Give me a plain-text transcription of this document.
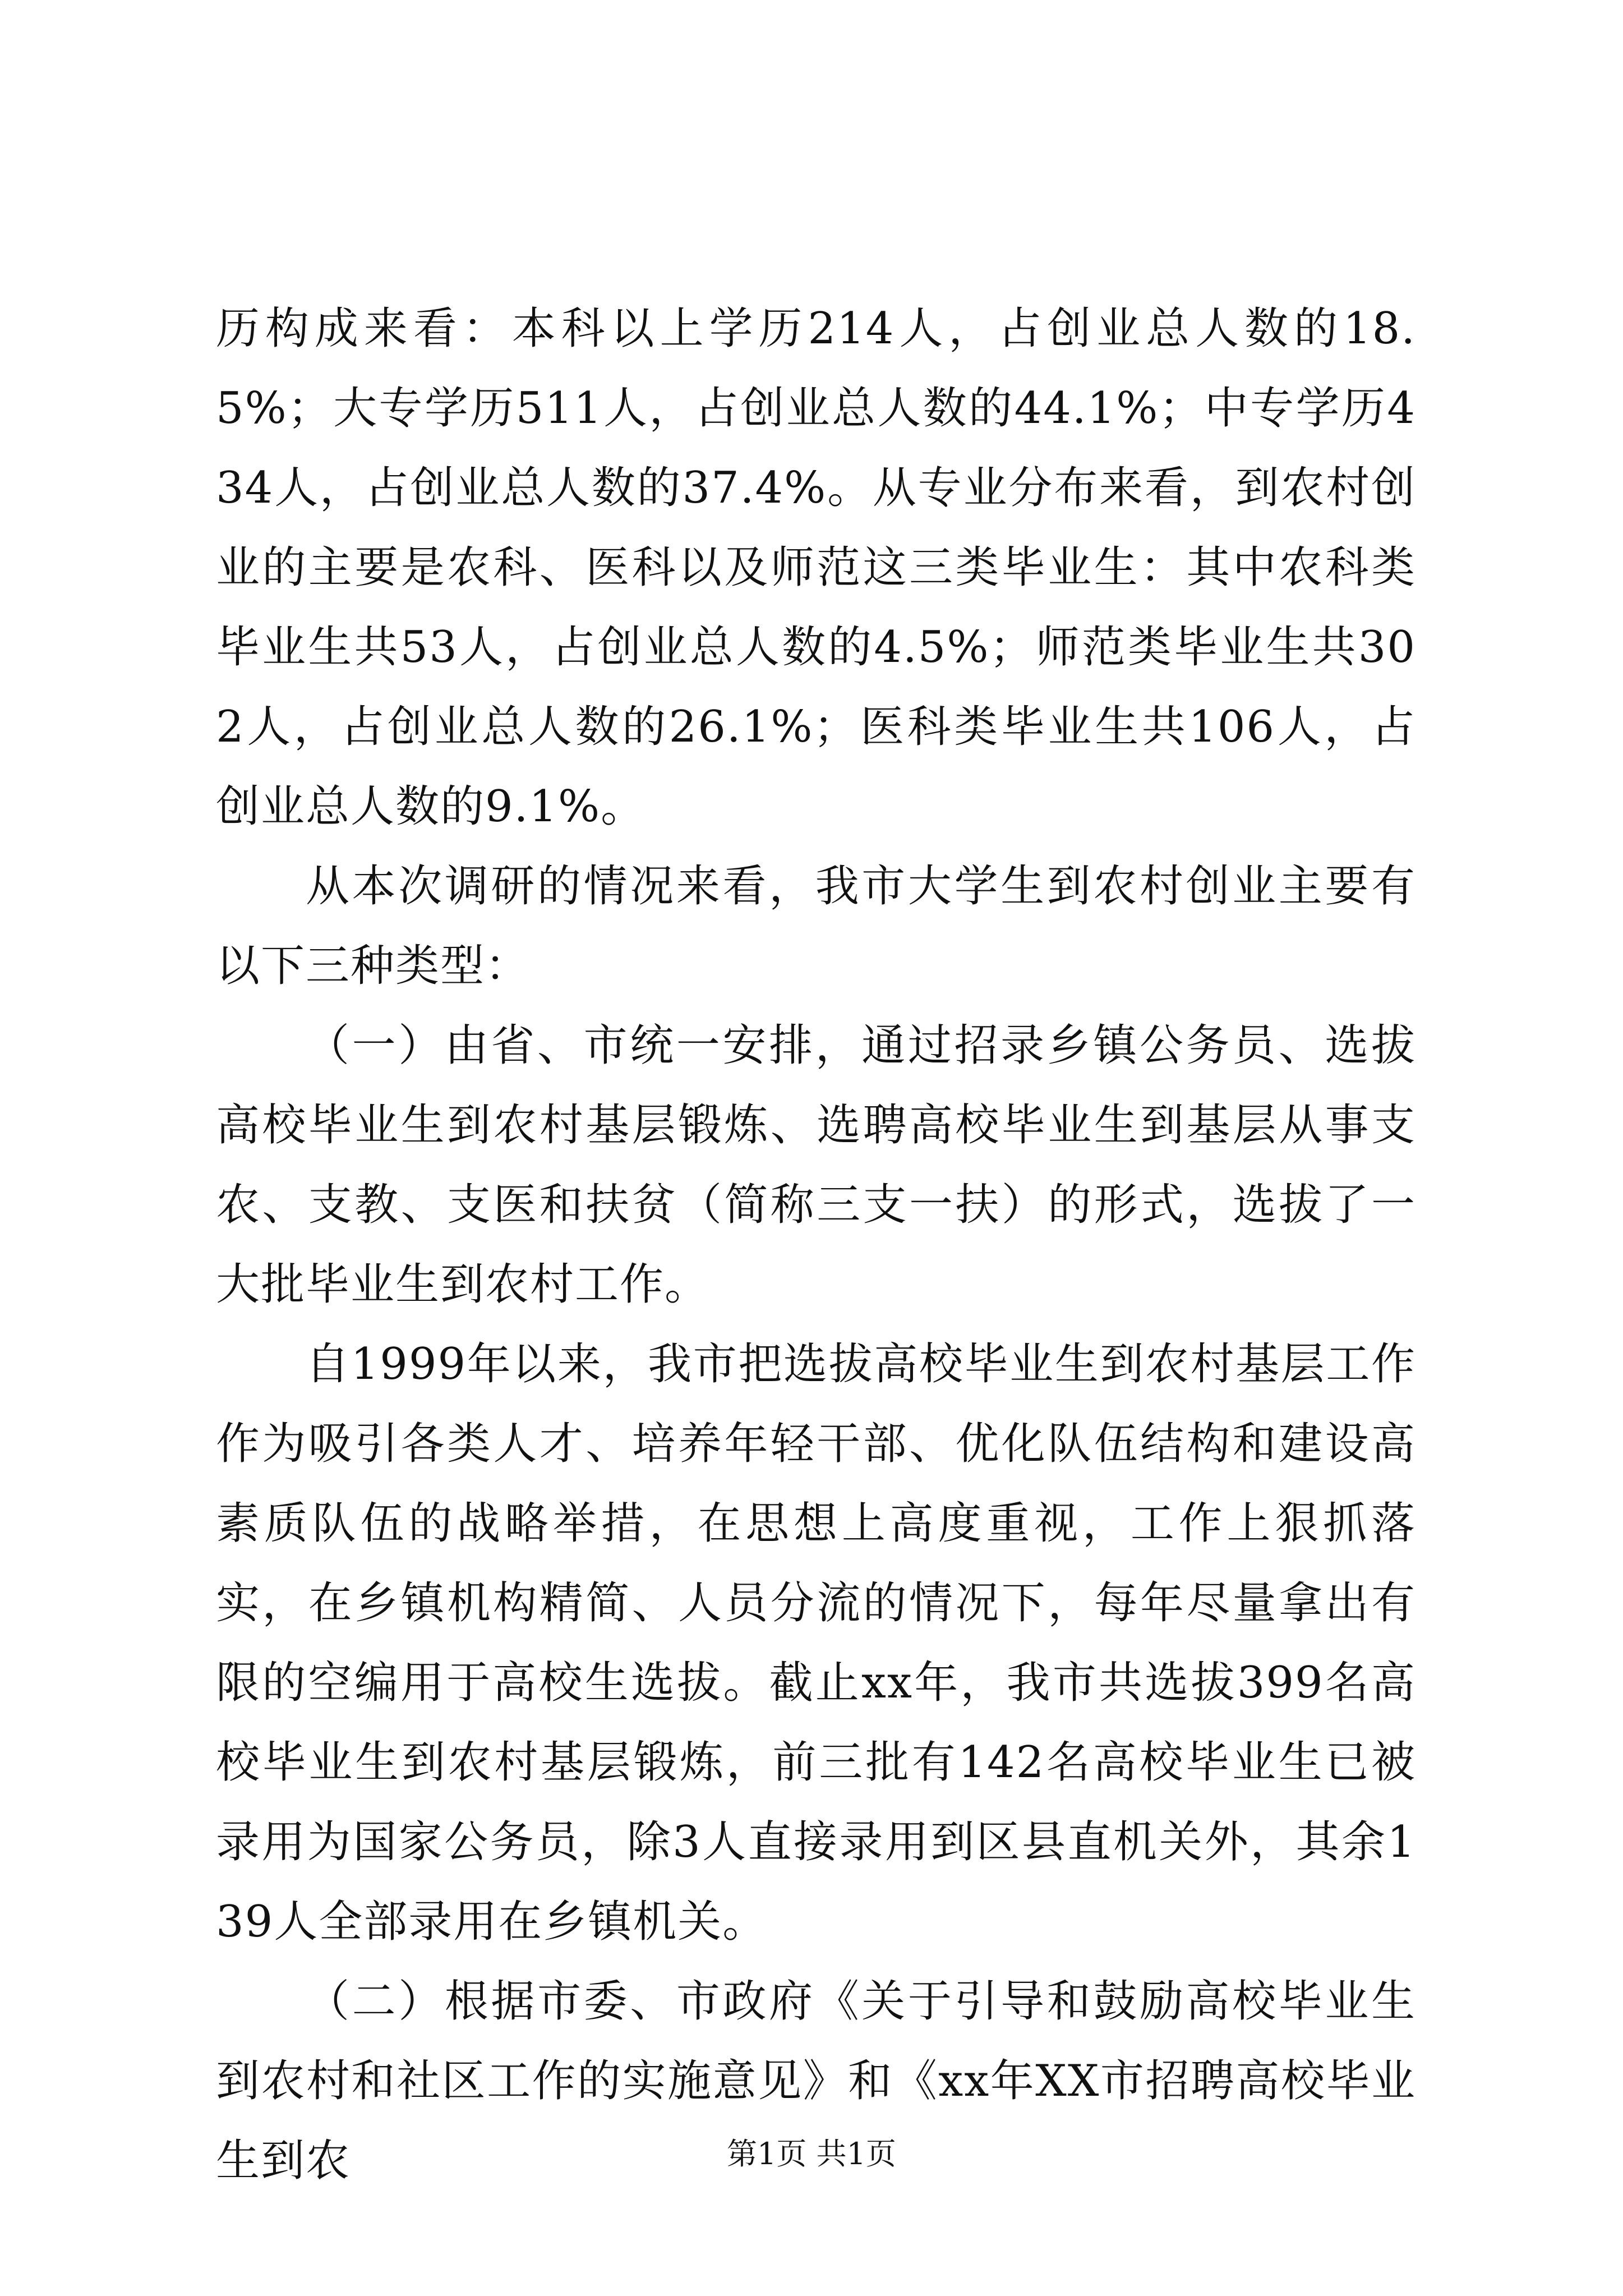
历构成来看：本科以上学历214人，占创业总人数的18.5%；大专学历511人，占创业总人数的44.1%；中专学历434人，占创业总人数的37.4%。从专业分布来看，到农村创业的主要是农科、医科以及师范这三类毕业生：其中农科类毕业生共53人，占创业总人数的4.5%；师范类毕业生共302人，占创业总人数的26.1%；医科类毕业生共106人，占创业总人数的9.1%。

从本次调研的情况来看，我市大学生到农村创业主要有以下三种类型：

（一）由省、市统一安排，通过招录乡镇公务员、选拔高校毕业生到农村基层锻炼、选聘高校毕业生到基层从事支农、支教、支医和扶贫（简称三支一扶）的形式，选拔了一大批毕业生到农村工作。

自1999年以来，我市把选拔高校毕业生到农村基层工作作为吸引各类人才、培养年轻干部、优化队伍结构和建设高素质队伍的战略举措，在思想上高度重视，工作上狠抓落实，在乡镇机构精简、人员分流的情况下，每年尽量拿出有限的空编用于高校生选拔。截止xx年，我市共选拔399名高校毕业生到农村基层锻炼，前三批有142名高校毕业生已被录用为国家公务员，除3人直接录用到区县直机关外，其余139人全部录用在乡镇机关。

（二）根据市委、市政府《关于引导和鼓励高校毕业生到农村和社区工作的实施意见》和《xx年XX市招聘高校毕业生到农	第1页 共1页
